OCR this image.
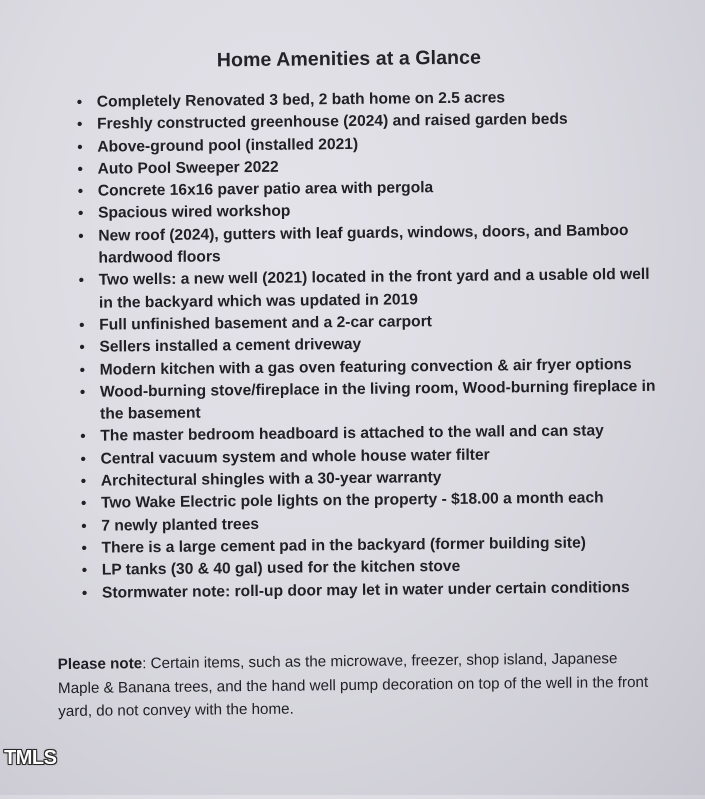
Home Amenities at a Glance
• Completely Renovated 3 bed, 2 bath home on 2.5 acres
• Freshly constructed greenhouse (2024) and raised garden beds
• Above-ground pool (installed 2021)
• Auto Pool Sweeper 2022
• Concrete 16x16 paver patio area with pergola
• Spacious wired workshop
• New roof (2024), gutters with leaf guards, windows, doors, and Bamboo hardwood floors
• Two wells: a new well (2021) located in the front yard and a usable old well in the backyard which was updated in 2019
• Full unfinished basement and a 2-car carport
• Sellers installed a cement driveway
• Modern kitchen with a gas oven featuring convection & air fryer options
• Wood-burning stove/fireplace in the living room, Wood-burning fireplace in the basement
• The master bedroom headboard is attached to the wall and can stay
• Central vacuum system and whole house water filter
• Architectural shingles with a 30-year warranty
• Two Wake Electric pole lights on the property - $18.00 a month each
• 7 newly planted trees
• There is a large cement pad in the backyard (former building site)
• LP tanks (30 & 40 gal) used for the kitchen stove
• Stormwater note: roll-up door may let in water under certain conditions
Please note: Certain items, such as the microwave, freezer, shop island, Japanese Maple & Banana trees, and the hand well pump decoration on top of the well in the front yard, do not convey with the home.
TMLS
